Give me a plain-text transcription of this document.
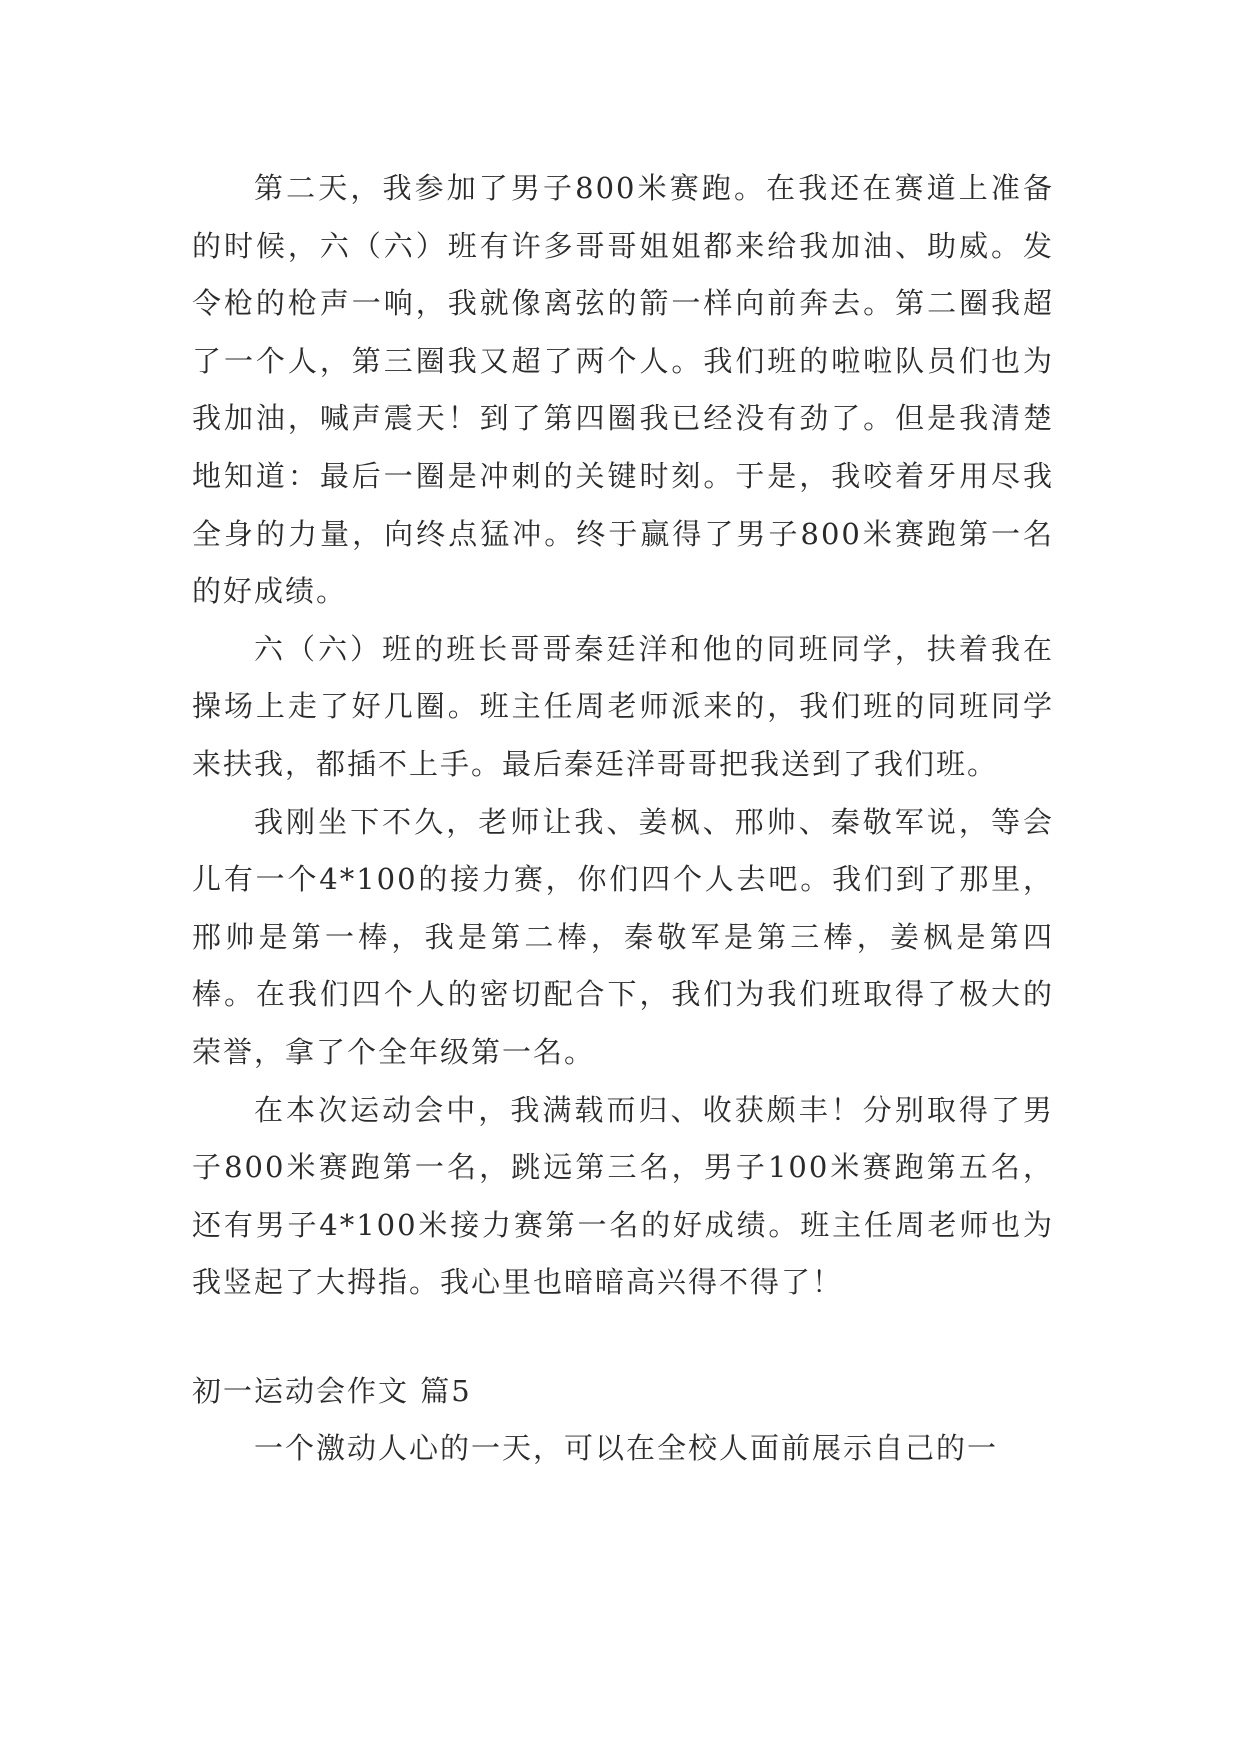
第二天，我参加了男子800米赛跑。在我还在赛道上准备的时候，六（六）班有许多哥哥姐姐都来给我加油、助威。发令枪的枪声一响，我就像离弦的箭一样向前奔去。第二圈我超了一个人，第三圈我又超了两个人。我们班的啦啦队员们也为我加油，喊声震天！到了第四圈我已经没有劲了。但是我清楚地知道：最后一圈是冲刺的关键时刻。于是，我咬着牙用尽我全身的力量，向终点猛冲。终于赢得了男子800米赛跑第一名的好成绩。

六（六）班的班长哥哥秦廷洋和他的同班同学，扶着我在操场上走了好几圈。班主任周老师派来的，我们班的同班同学来扶我，都插不上手。最后秦廷洋哥哥把我送到了我们班。

我刚坐下不久，老师让我、姜枫、邢帅、秦敬军说，等会儿有一个4*100的接力赛，你们四个人去吧。我们到了那里，邢帅是第一棒，我是第二棒，秦敬军是第三棒，姜枫是第四棒。在我们四个人的密切配合下，我们为我们班取得了极大的荣誉，拿了个全年级第一名。

在本次运动会中，我满载而归、收获颇丰！分别取得了男子800米赛跑第一名，跳远第三名，男子100米赛跑第五名，还有男子4*100米接力赛第一名的好成绩。班主任周老师也为我竖起了大拇指。我心里也暗暗高兴得不得了！

初一运动会作文 篇5

一个激动人心的一天，可以在全校人面前展示自己的一
